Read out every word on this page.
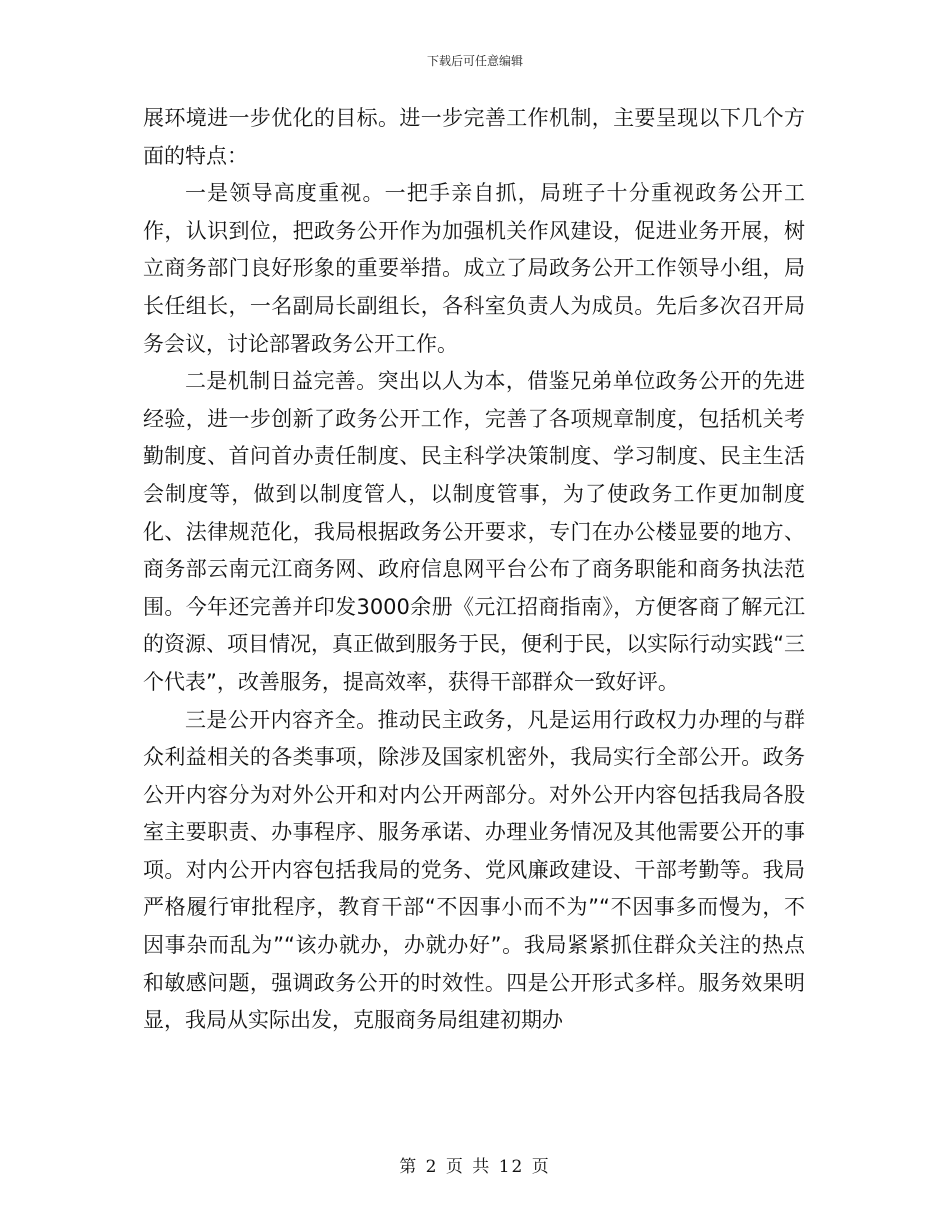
下载后可任意编辑

展环境进一步优化的目标。进一步完善工作机制，主要呈现以下几个方面的特点：

一是领导高度重视。一把手亲自抓，局班子十分重视政务公开工作，认识到位，把政务公开作为加强机关作风建设，促进业务开展，树立商务部门良好形象的重要举措。成立了局政务公开工作领导小组，局长任组长，一名副局长副组长，各科室负责人为成员。先后多次召开局务会议，讨论部署政务公开工作。

二是机制日益完善。突出以人为本，借鉴兄弟单位政务公开的先进经验，进一步创新了政务公开工作，完善了各项规章制度，包括机关考勤制度、首问首办责任制度、民主科学决策制度、学习制度、民主生活会制度等，做到以制度管人，以制度管事，为了使政务工作更加制度化、法律规范化，我局根据政务公开要求，专门在办公楼显要的地方、商务部云南元江商务网、政府信息网平台公布了商务职能和商务执法范围。今年还完善并印发3000余册《元江招商指南》，方便客商了解元江的资源、项目情况，真正做到服务于民，便利于民，以实际行动实践“三个代表”，改善服务，提高效率，获得干部群众一致好评。

三是公开内容齐全。推动民主政务，凡是运用行政权力办理的与群众利益相关的各类事项，除涉及国家机密外，我局实行全部公开。政务公开内容分为对外公开和对内公开两部分。对外公开内容包括我局各股室主要职责、办事程序、服务承诺、办理业务情况及其他需要公开的事项。对内公开内容包括我局的党务、党风廉政建设、干部考勤等。我局严格履行审批程序，教育干部“不因事小而不为”“不因事多而慢为，不因事杂而乱为”“该办就办，办就办好”。我局紧紧抓住群众关注的热点和敏感问题，强调政务公开的时效性。四是公开形式多样。服务效果明显，我局从实际出发，克服商务局组建初期办

第 2 页 共 12 页
